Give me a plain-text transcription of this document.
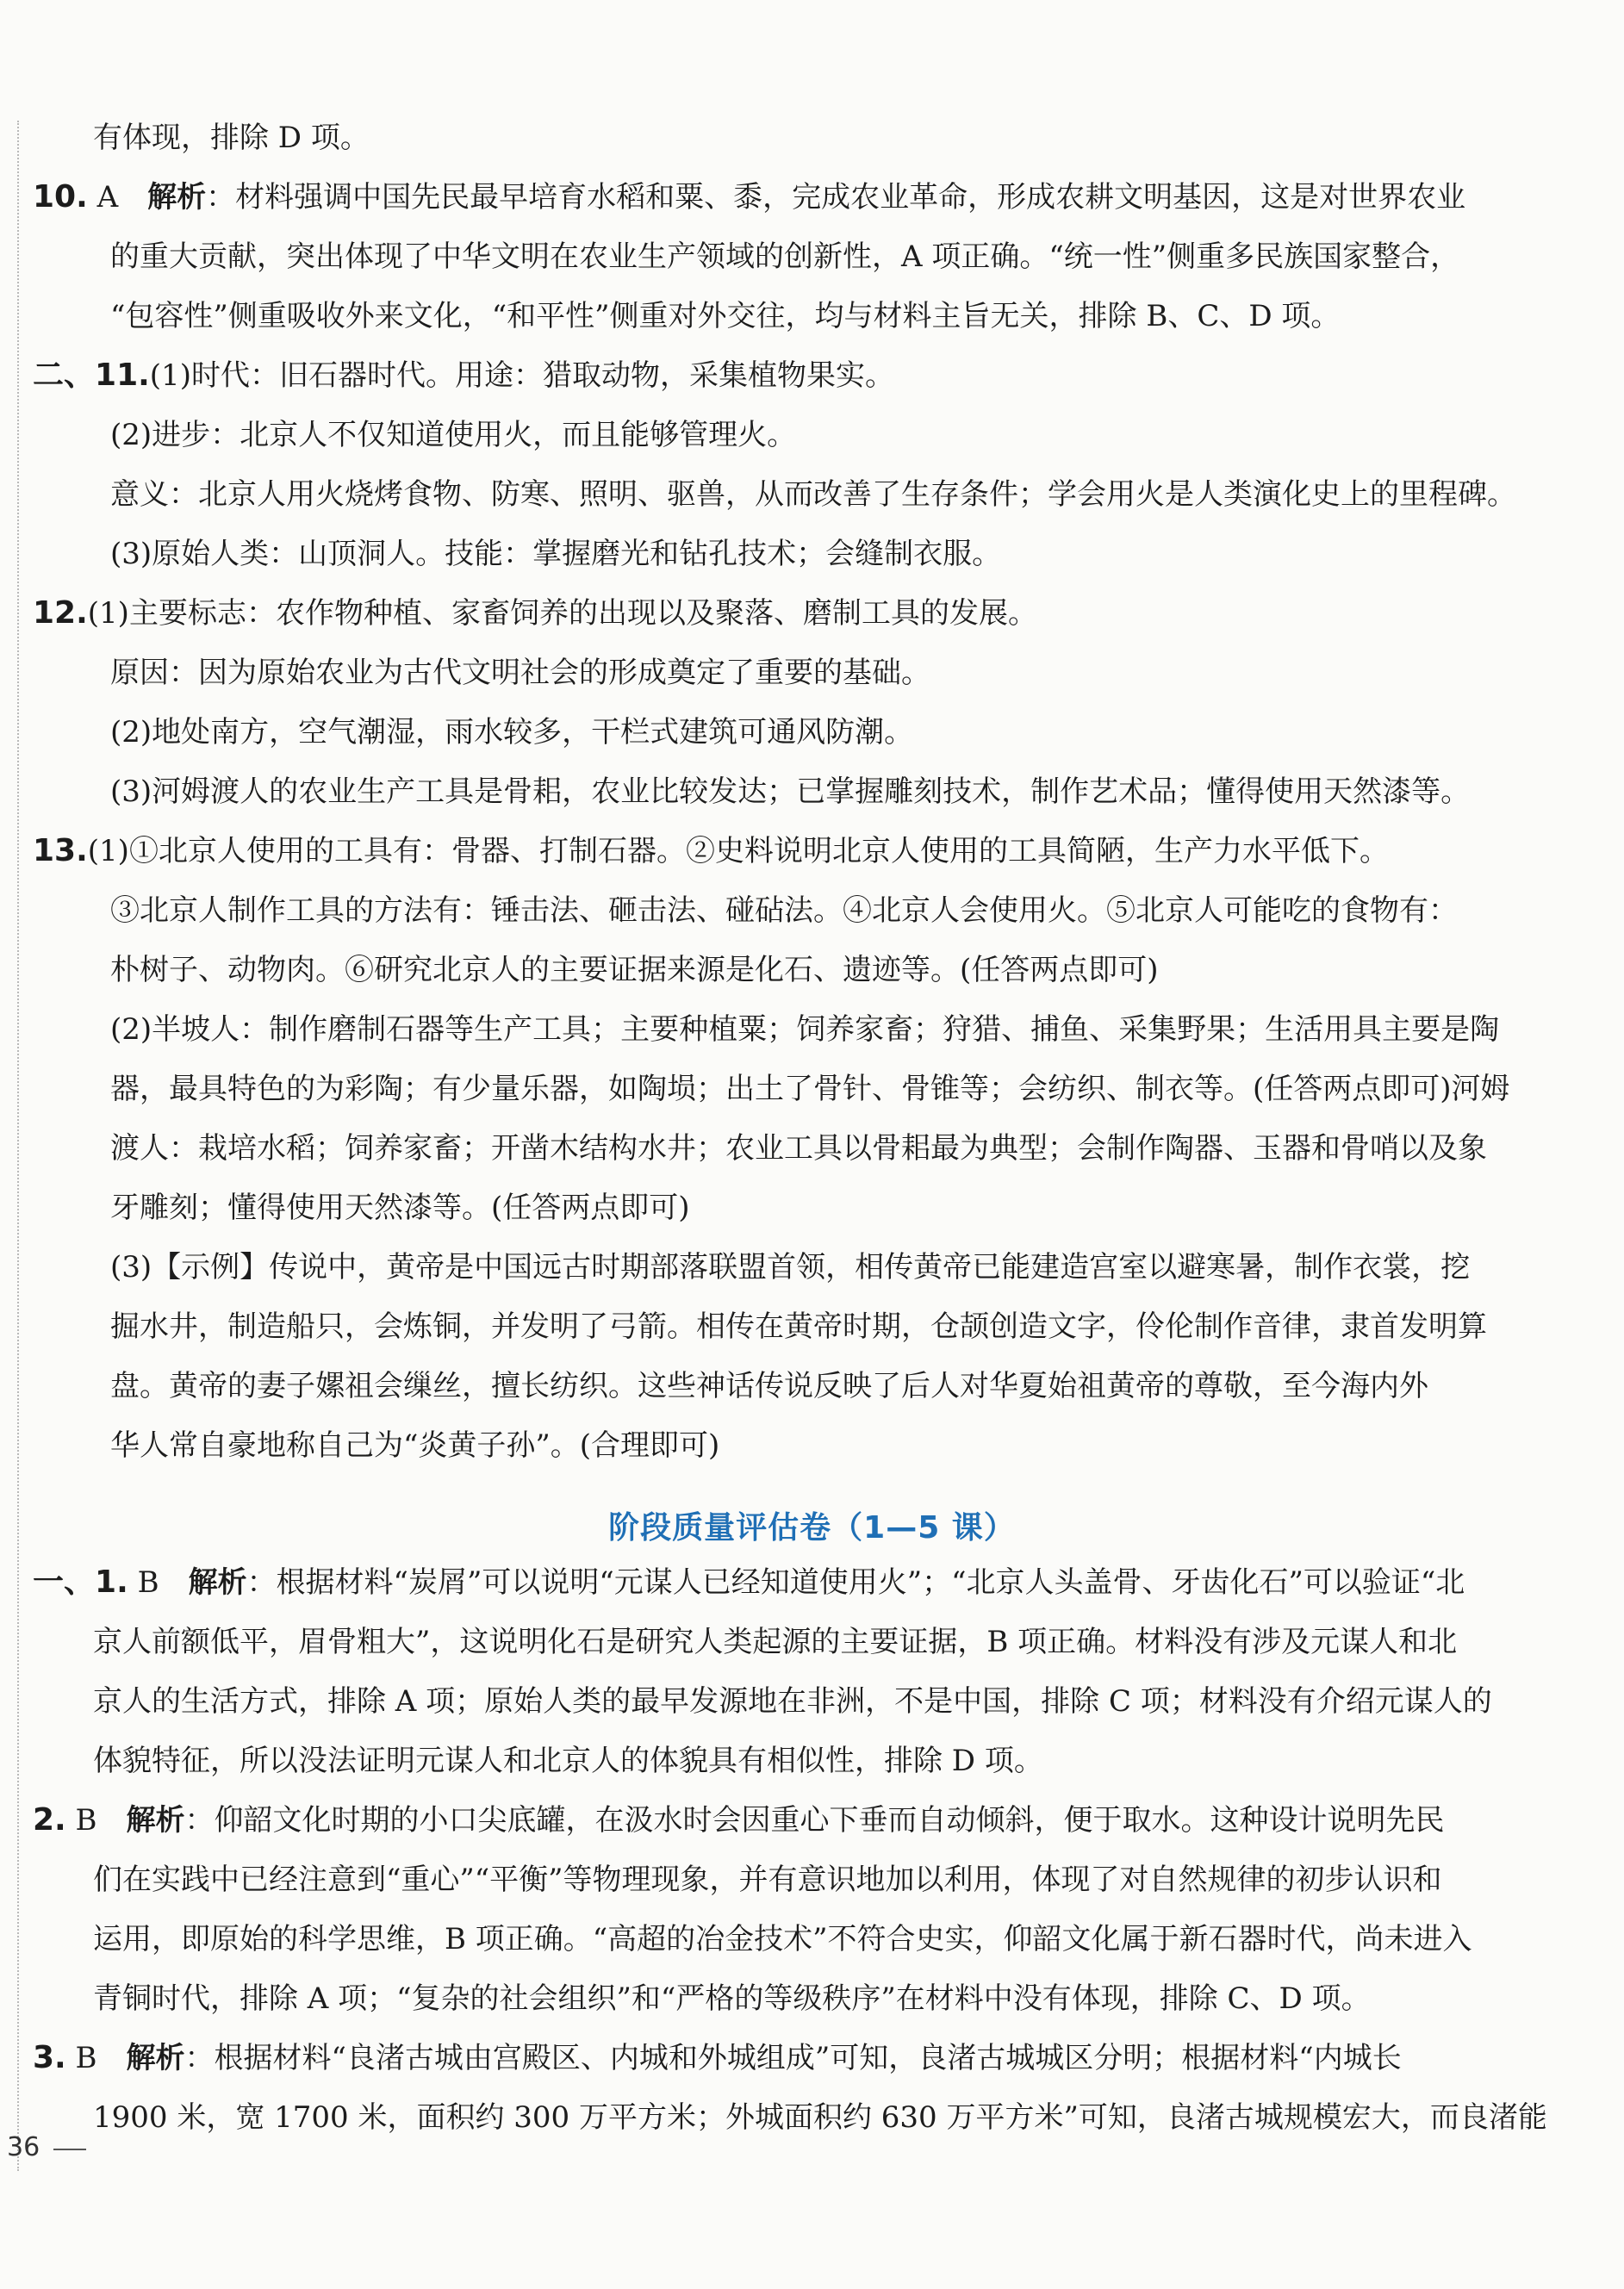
有体现，排除 D 项。
10. A  解析：材料强调中国先民最早培育水稻和粟、黍，完成农业革命，形成农耕文明基因，这是对世界农业
的重大贡献，突出体现了中华文明在农业生产领域的创新性，A 项正确。“统一性”侧重多民族国家整合，
“包容性”侧重吸收外来文化，“和平性”侧重对外交往，均与材料主旨无关，排除 B、C、D 项。
二、11.(1)时代：旧石器时代。用途：猎取动物，采集植物果实。
(2)进步：北京人不仅知道使用火，而且能够管理火。
意义：北京人用火烧烤食物、防寒、照明、驱兽，从而改善了生存条件；学会用火是人类演化史上的里程碑。
(3)原始人类：山顶洞人。技能：掌握磨光和钻孔技术；会缝制衣服。
12.(1)主要标志：农作物种植、家畜饲养的出现以及聚落、磨制工具的发展。
原因：因为原始农业为古代文明社会的形成奠定了重要的基础。
(2)地处南方，空气潮湿，雨水较多，干栏式建筑可通风防潮。
(3)河姆渡人的农业生产工具是骨耜，农业比较发达；已掌握雕刻技术，制作艺术品；懂得使用天然漆等。
13.(1)①北京人使用的工具有：骨器、打制石器。②史料说明北京人使用的工具简陋，生产力水平低下。
③北京人制作工具的方法有：锤击法、砸击法、碰砧法。④北京人会使用火。⑤北京人可能吃的食物有：
朴树子、动物肉。⑥研究北京人的主要证据来源是化石、遗迹等。(任答两点即可)
(2)半坡人：制作磨制石器等生产工具；主要种植粟；饲养家畜；狩猎、捕鱼、采集野果；生活用具主要是陶
器，最具特色的为彩陶；有少量乐器，如陶埙；出土了骨针、骨锥等；会纺织、制衣等。(任答两点即可)河姆
渡人：栽培水稻；饲养家畜；开凿木结构水井；农业工具以骨耜最为典型；会制作陶器、玉器和骨哨以及象
牙雕刻；懂得使用天然漆等。(任答两点即可)
(3)【示例】传说中，黄帝是中国远古时期部落联盟首领，相传黄帝已能建造宫室以避寒暑，制作衣裳，挖
掘水井，制造船只，会炼铜，并发明了弓箭。相传在黄帝时期，仓颉创造文字，伶伦制作音律，隶首发明算
盘。黄帝的妻子嫘祖会缫丝，擅长纺织。这些神话传说反映了后人对华夏始祖黄帝的尊敬，至今海内外
华人常自豪地称自己为“炎黄子孙”。(合理即可)
一、1. B  解析：根据材料“炭屑”可以说明“元谋人已经知道使用火”；“北京人头盖骨、牙齿化石”可以验证“北
京人前额低平，眉骨粗大”，这说明化石是研究人类起源的主要证据，B 项正确。材料没有涉及元谋人和北
京人的生活方式，排除 A 项；原始人类的最早发源地在非洲，不是中国，排除 C 项；材料没有介绍元谋人的
体貌特征，所以没法证明元谋人和北京人的体貌具有相似性，排除 D 项。
2. B  解析：仰韶文化时期的小口尖底罐，在汲水时会因重心下垂而自动倾斜，便于取水。这种设计说明先民
们在实践中已经注意到“重心”“平衡”等物理现象，并有意识地加以利用，体现了对自然规律的初步认识和
运用，即原始的科学思维，B 项正确。“高超的冶金技术”不符合史实，仰韶文化属于新石器时代，尚未进入
青铜时代，排除 A 项；“复杂的社会组织”和“严格的等级秩序”在材料中没有体现，排除 C、D 项。
3. B  解析：根据材料“良渚古城由宫殿区、内城和外城组成”可知，良渚古城城区分明；根据材料“内城长
1900 米，宽 1700 米，面积约 300 万平方米；外城面积约 630 万平方米”可知，良渚古城规模宏大，而良渚能
阶段质量评估卷（1—5 课）
36
